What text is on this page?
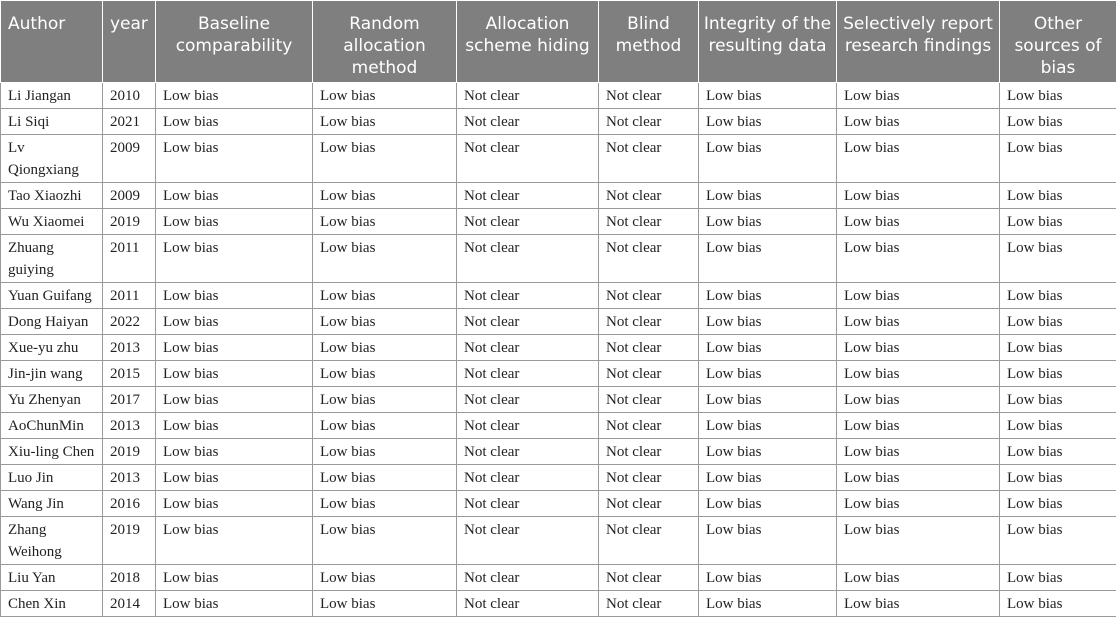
Author	year	Baseline comparability	Random allocation method	Allocation scheme hiding	Blind method	Integrity of the resulting data	Selectively report research findings	Other sources of bias
Li Jiangan	2010	Low bias	Low bias	Not clear	Not clear	Low bias	Low bias	Low bias
Li Siqi	2021	Low bias	Low bias	Not clear	Not clear	Low bias	Low bias	Low bias
Lv Qiongxiang	2009	Low bias	Low bias	Not clear	Not clear	Low bias	Low bias	Low bias
Tao Xiaozhi	2009	Low bias	Low bias	Not clear	Not clear	Low bias	Low bias	Low bias
Wu Xiaomei	2019	Low bias	Low bias	Not clear	Not clear	Low bias	Low bias	Low bias
Zhuang guiying	2011	Low bias	Low bias	Not clear	Not clear	Low bias	Low bias	Low bias
Yuan Guifang	2011	Low bias	Low bias	Not clear	Not clear	Low bias	Low bias	Low bias
Dong Haiyan	2022	Low bias	Low bias	Not clear	Not clear	Low bias	Low bias	Low bias
Xue-yu zhu	2013	Low bias	Low bias	Not clear	Not clear	Low bias	Low bias	Low bias
Jin-jin wang	2015	Low bias	Low bias	Not clear	Not clear	Low bias	Low bias	Low bias
Yu Zhenyan	2017	Low bias	Low bias	Not clear	Not clear	Low bias	Low bias	Low bias
AoChunMin	2013	Low bias	Low bias	Not clear	Not clear	Low bias	Low bias	Low bias
Xiu-ling Chen	2019	Low bias	Low bias	Not clear	Not clear	Low bias	Low bias	Low bias
Luo Jin	2013	Low bias	Low bias	Not clear	Not clear	Low bias	Low bias	Low bias
Wang Jin	2016	Low bias	Low bias	Not clear	Not clear	Low bias	Low bias	Low bias
Zhang Weihong	2019	Low bias	Low bias	Not clear	Not clear	Low bias	Low bias	Low bias
Liu Yan	2018	Low bias	Low bias	Not clear	Not clear	Low bias	Low bias	Low bias
Chen Xin	2014	Low bias	Low bias	Not clear	Not clear	Low bias	Low bias	Low bias
